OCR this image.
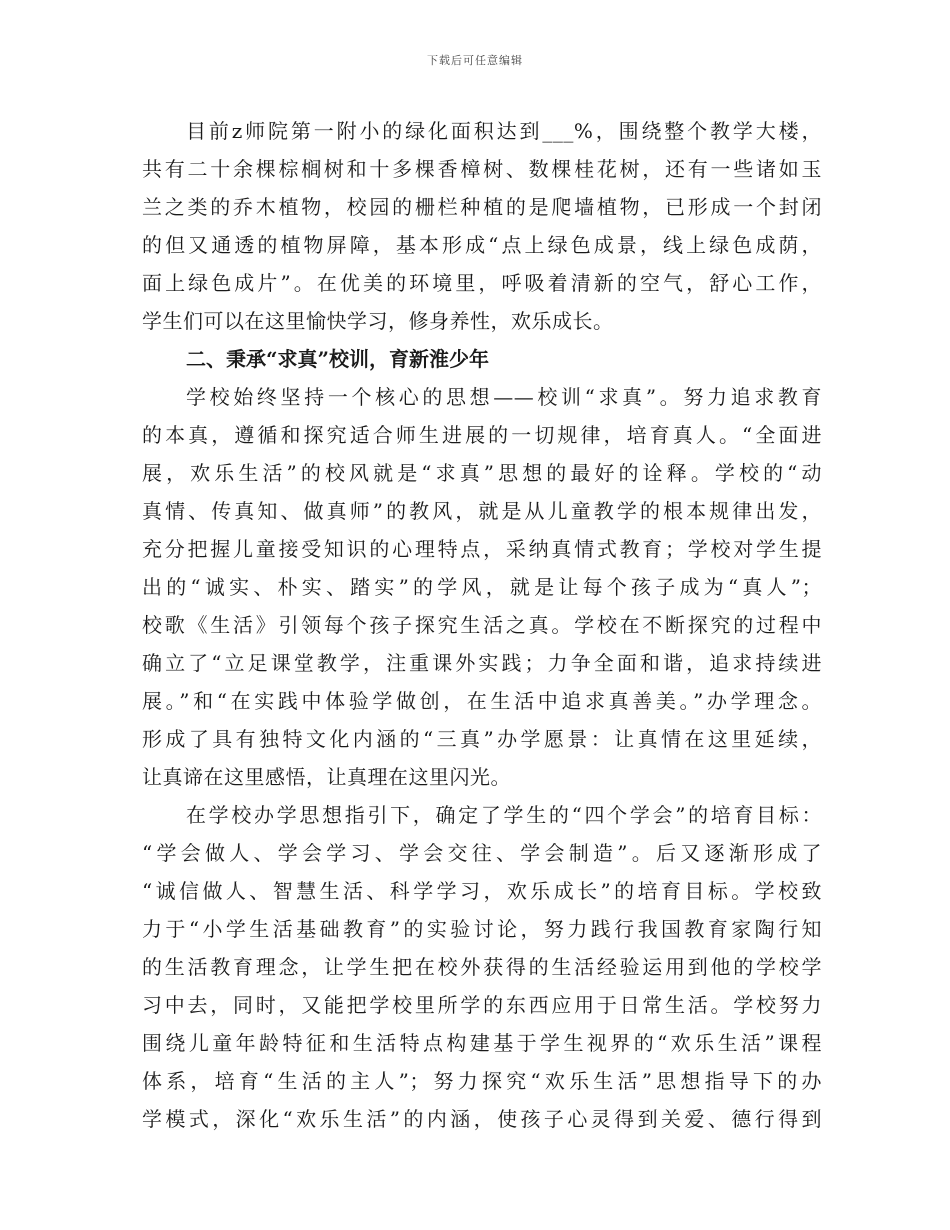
下载后可任意编辑
目前z师院第一附小的绿化面积达到___%，围绕整个教学大楼，
共有二十余棵棕榈树和十多棵香樟树、数棵桂花树，还有一些诸如玉
兰之类的乔木植物，校园的栅栏种植的是爬墙植物，已形成一个封闭
的但又通透的植物屏障，基本形成“点上绿色成景，线上绿色成荫，
面上绿色成片”。在优美的环境里，呼吸着清新的空气，舒心工作，
学生们可以在这里愉快学习，修身养性，欢乐成长。
二、秉承“求真”校训，育新淮少年
学校始终坚持一个核心的思想——校训“求真”。努力追求教育
的本真，遵循和探究适合师生进展的一切规律，培育真人。“全面进
展，欢乐生活”的校风就是“求真”思想的最好的诠释。学校的“动
真情、传真知、做真师”的教风，就是从儿童教学的根本规律出发，
充分把握儿童接受知识的心理特点，采纳真情式教育；学校对学生提
出的“诚实、朴实、踏实”的学风，就是让每个孩子成为“真人”；
校歌《生活》引领每个孩子探究生活之真。学校在不断探究的过程中
确立了“立足课堂教学，注重课外实践；力争全面和谐，追求持续进
展。”和“在实践中体验学做创，在生活中追求真善美。”办学理念。
形成了具有独特文化内涵的“三真”办学愿景：让真情在这里延续，
让真谛在这里感悟，让真理在这里闪光。
在学校办学思想指引下，确定了学生的“四个学会”的培育目标：
“学会做人、学会学习、学会交往、学会制造”。后又逐渐形成了
“诚信做人、智慧生活、科学学习，欢乐成长”的培育目标。学校致
力于“小学生活基础教育”的实验讨论，努力践行我国教育家陶行知
的生活教育理念，让学生把在校外获得的生活经验运用到他的学校学
习中去，同时，又能把学校里所学的东西应用于日常生活。学校努力
围绕儿童年龄特征和生活特点构建基于学生视界的“欢乐生活”课程
体系，培育“生活的主人”；努力探究“欢乐生活”思想指导下的办
学模式，深化“欢乐生活”的内涵，使孩子心灵得到关爱、德行得到
